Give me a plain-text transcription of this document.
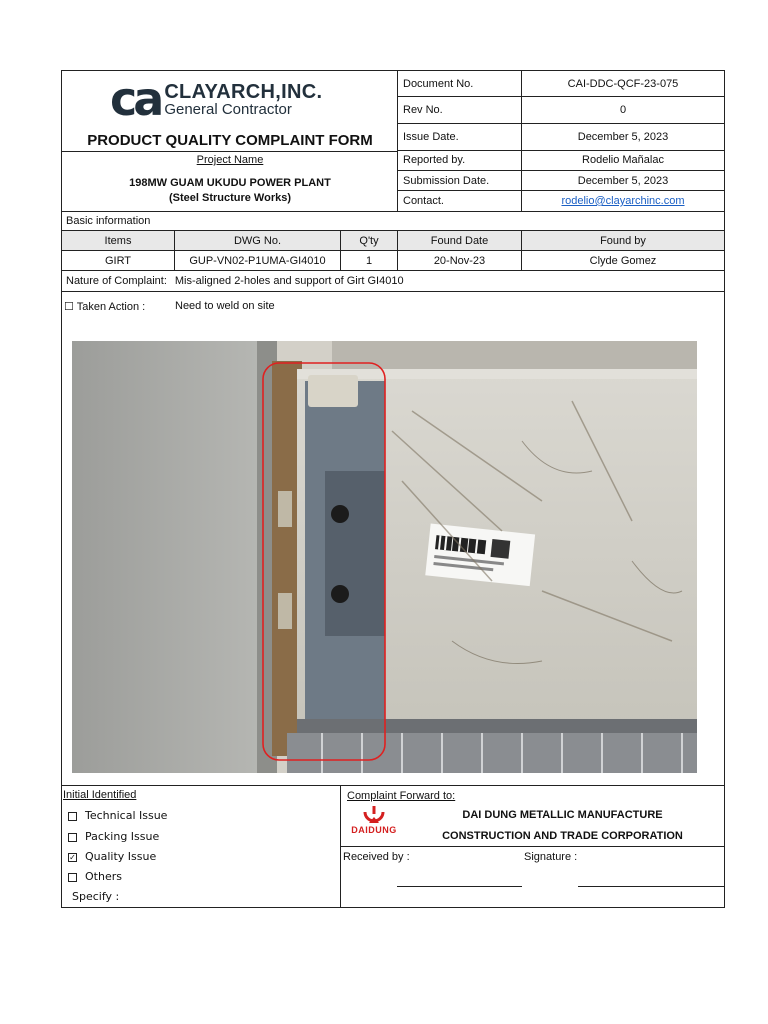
ca CLAYARCH,INC.
General Contractor
PRODUCT QUALITY COMPLAINT FORM
Project Name
198MW GUAM UKUDU POWER PLANT
(Steel Structure Works)
Document No.	CAI-DDC-QCF-23-075
Rev No.	0
Issue Date.	December 5, 2023
Reported by.	Rodelio Mañalac
Submission Date.	December 5, 2023
Contact.	rodelio@clayarchinc.com
Basic information
Items	DWG No.	Q'ty	Found Date	Found by
GIRT	GUP-VN02-P1UMA-GI4010	1	20-Nov-23	Clyde Gomez
Nature of Complaint: Mis-aligned 2-holes and support of Girt GI4010
☐ Taken Action :	Need to weld on site
Initial Identified
Technical Issue
Packing Issue
✓ Quality Issue
Others
Specify :
Complaint Forward to:
DAIDUNG
DAI DUNG METALLIC MANUFACTURE
CONSTRUCTION AND TRADE CORPORATION
Received by :	Signature :
